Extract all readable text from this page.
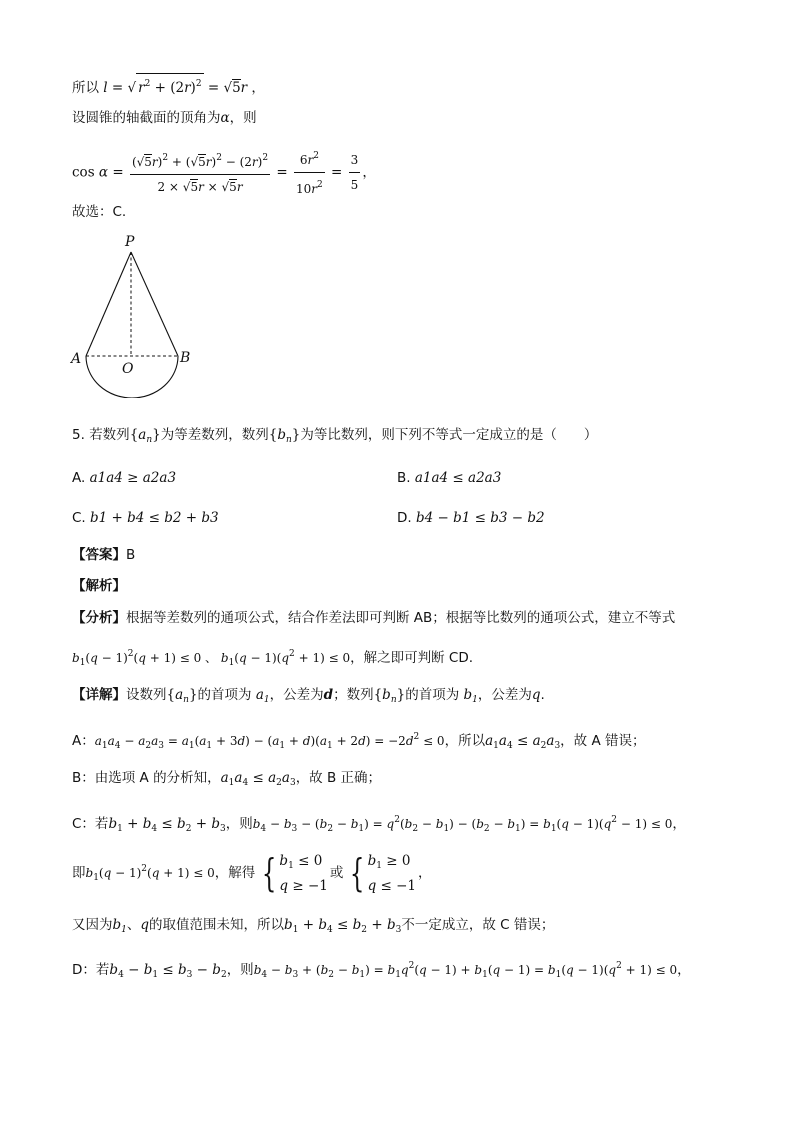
所以 l = √ $r^2 + (2r)^2 = √5r$ ，
设圆锥的轴截面的顶角为α，则
$\cos \alpha = \frac{(√5r)^2 + (√5r)^2 - (2r)^2}{2 \times √5r \times √5r} = \frac{6r^2}{10r^2} = \frac{3}{5}$ ，
故选：C.
P
A	B
O
5. 若数列$\{a_n\}$为等差数列，数列$\{b_n\}$为等比数列，则下列不等式一定成立的是（　　）
A. a1a4 ≥ a2a3	B. a1a4 ≤ a2a3
C. b1 + b4 ≤ b2 + b3	D. b4 − b1 ≤ b3 − b2
【答案】B
【解析】
【分析】根据等差数列的通项公式，结合作差法即可判断 AB；根据等比数列的通项公式，建立不等式
$b_1(q - 1)^2(q + 1) \le 0$ 、 $b_1(q - 1)(q^2 + 1) \le 0$，解之即可判断 CD.
【详解】设数列$\{a_n\}$的首项为 $a_1$，公差为d；数列$\{b_n\}$的首项为 $b_1$，公差为q.
A：$a_1a_4 - a_2a_3 = a_1(a_1 + 3d) - (a_1 + d)(a_1 + 2d) = -2d^2 \le 0$，所以$a_1a_4 \le a_2a_3$，故 A 错误；
B：由选项 A 的分析知，$a_1a_4 \le a_2a_3$，故 B 正确；
C：若$b_1 + b_4 \le b_2 + b_3$，则$b_4 - b_3 - (b_2 - b_1) = q^2(b_2 - b_1) - (b_2 - b_1) = b_1(q - 1)(q^2 - 1) \le 0$，
即$b_1(q - 1)^2(q + 1) \le 0$，解得 { $b_1 \le 0$
q ≥ −1
或 { $b_1 \ge 0$
q ≤ −1
，
又因为$b_1$、q的取值范围未知，所以$b_1 + b_4 \le b_2 + b_3$不一定成立，故 C 错误；
D：若$b_4 - b_1 \le b_3 - b_2$，则$b_4 - b_3 + (b_2 - b_1) = b_1q^2(q - 1) + b_1(q - 1) = b_1(q - 1)(q^2 + 1) \le 0$，
